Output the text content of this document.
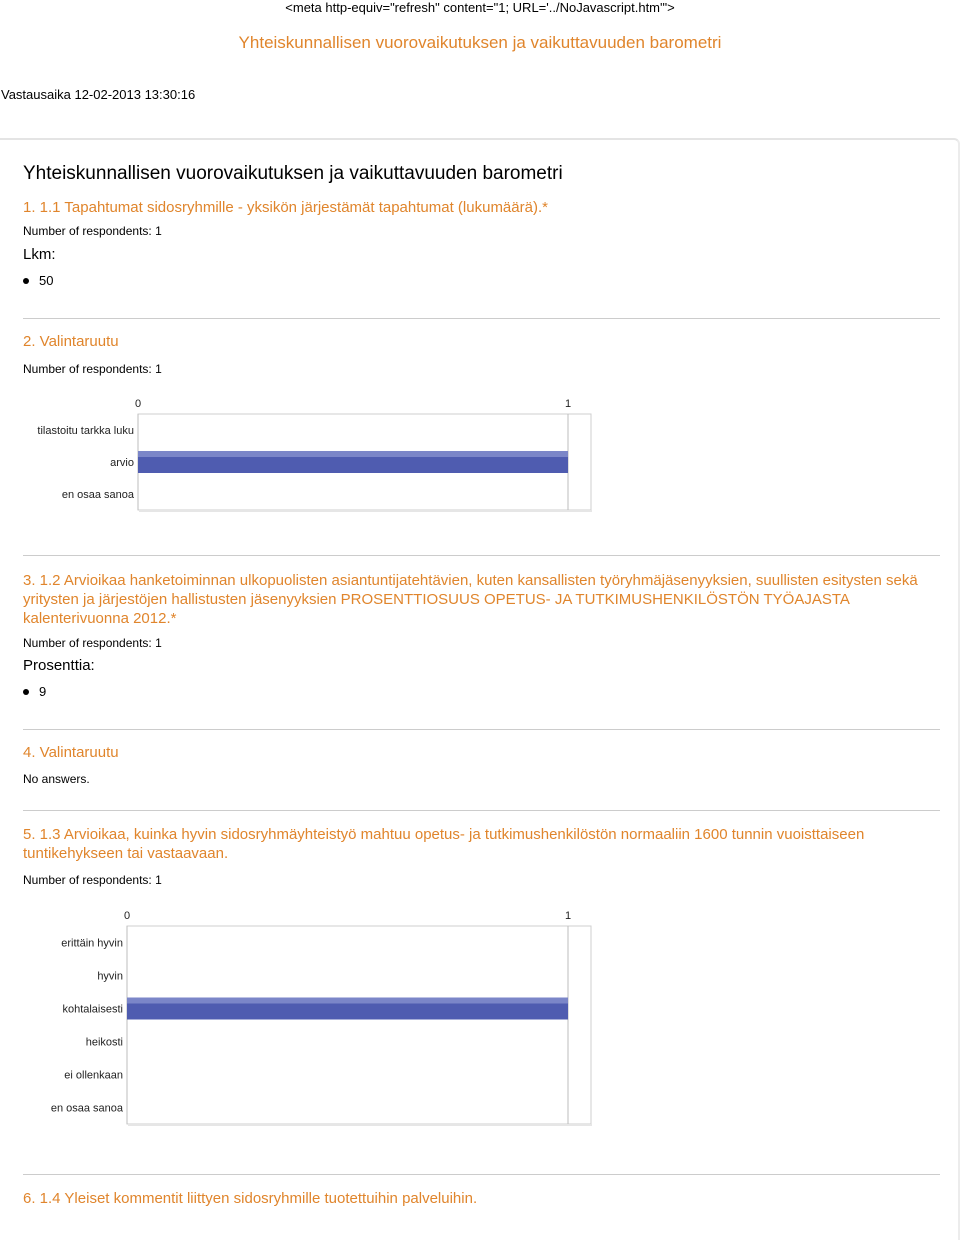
<meta http-equiv="refresh" content="1; URL='../NoJavascript.htm'">
Yhteiskunnallisen vuorovaikutuksen ja vaikuttavuuden barometri
Vastausaika 12-02-2013 13:30:16
Yhteiskunnallisen vuorovaikutuksen ja vaikuttavuuden barometri
1. 1.1 Tapahtumat sidosryhmille - yksikön järjestämät tapahtumat (lukumäärä).*
Number of respondents: 1
Lkm:
50
2. Valintaruutu
Number of respondents: 1
0	1
tilastoitu tarkka luku
arvio
en osaa sanoa
3. 1.2 Arvioikaa hanketoiminnan ulkopuolisten asiantuntijatehtävien, kuten kansallisten työryhmäjäsenyyksien, suullisten esitysten sekä yritysten ja järjestöjen hallistusten jäsenyyksien PROSENTTIOSUUS OPETUS- JA TUTKIMUSHENKILÖSTÖN TYÖAJASTA kalenterivuonna 2012.*
Number of respondents: 1
Prosenttia:
9
4. Valintaruutu
No answers.
5. 1.3 Arvioikaa, kuinka hyvin sidosryhmäyhteistyö mahtuu opetus- ja tutkimushenkilöstön normaaliin 1600 tunnin vuoisttaiseen tuntikehykseen tai vastaavaan.
Number of respondents: 1
0	1
erittäin hyvin
hyvin
kohtalaisesti
heikosti
ei ollenkaan
en osaa sanoa
6. 1.4 Yleiset kommentit liittyen sidosryhmille tuotettuihin palveluihin.
